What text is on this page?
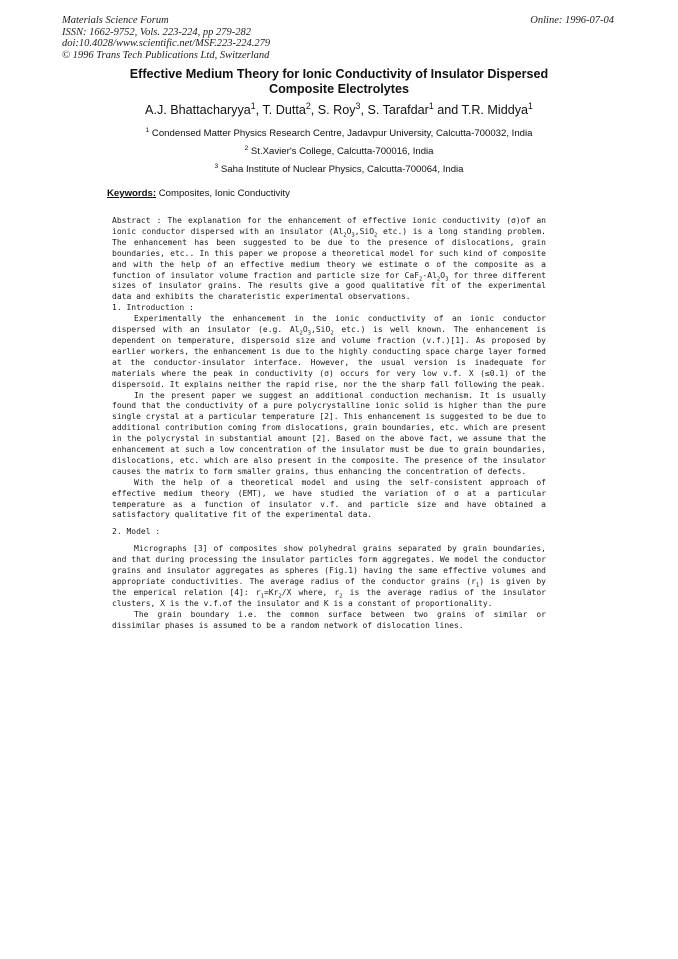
Materials Science Forum
ISSN: 1662-9752, Vols. 223-224, pp 279-282
doi:10.4028/www.scientific.net/MSF.223-224.279
© 1996 Trans Tech Publications Ltd, Switzerland
Online: 1996-07-04
Effective Medium Theory for Ionic Conductivity of Insulator Dispersed
Composite Electrolytes
A.J. Bhattacharyya$^1$, T. Dutta$^2$, S. Roy$^3$, S. Tarafdar$^1$ and T.R. Middya$^1$
$^1$ Condensed Matter Physics Research Centre, Jadavpur University, Calcutta-700032, India
$^2$ St.Xavier's College, Calcutta-700016, India
$^3$ Saha Institute of Nuclear Physics, Calcutta-700064, India
Keywords: Composites, Ionic Conductivity

Abstract : The explanation for the enhancement of effective ionic conductivity (σ)of an ionic conductor dispersed with an insulator ($Al_2O_3,SiO_2$ etc.) is a long standing problem. The enhancement has been suggested to be due to the presence of dislocations, grain boundaries, etc.. In this paper we propose a theoretical model for such kind of composite and with the help of an effective medium theory we estimate σ of the composite as a function of insulator volume fraction and particle size for $CaF_2-Al_2O_3$ for three different sizes of insulator grains. The results give a good qualitative fit of the experimental data and exhibits the charateristic experimental observations.

1. Introduction :

Experimentally the enhancement in the ionic conductivity of an ionic conductor dispersed with an insulator (e.g. $Al_2O_3,SiO_2$ etc.) is well known. The enhancement is dependent on temperature, dispersoid size and volume fraction (v.f.)[1]. As proposed by earlier workers, the enhancement is due to the highly conducting space charge layer formed at the conductor-insulator interface. However, the usual version is inadequate for materials where the peak in conductivity (σ) occurs for very low v.f. X (≤0.1) of the dispersoid. It explains neither the rapid rise, nor the the sharp fall following the peak.

In the present paper we suggest an additional conduction mechanism. It is usually found that the conductivity of a pure polycrystalline ionic solid is higher than the pure single crystal at a particular temperature [2]. This enhancement is suggested to be due to additional contribution coming from dislocations, grain boundaries, etc. which are present in the polycrystal in substantial amount [2]. Based on the above fact, we assume that the enhancement at such a low concentration of the insulator must be due to grain boundaries, dislocations, etc. which are also present in the composite. The presence of the insulator causes the matrix to form smaller grains, thus enhancing the concentration of defects.

With the help of a theoretical model and using the self-consistent approach of effective medium theory (EMT), we have studied the variation of σ at a particular temperature as a function of insulator v.f. and particle size and have obtained a satisfactory qualitative fit of the experimental data.

2. Model :

Micrographs [3] of composites show polyhedral grains separated by grain boundaries, and that during processing the insulator particles form aggregates. We model the conductor grains and insulator aggregates as spheres (Fig.1) having the same effective volumes and appropriate conductivities. The average radius of the conductor grains $(r_1)$ is given by the emperical relation [4]: $r_1=Kr_2/X$ where, $r_2$ is the average radius of the insulator clusters, X is the v.f.of the insulator and K is a constant of proportionality.

The grain boundary i.e. the common surface between two grains of similar or dissimilar phases is assumed to be a random network of dislocation lines.
